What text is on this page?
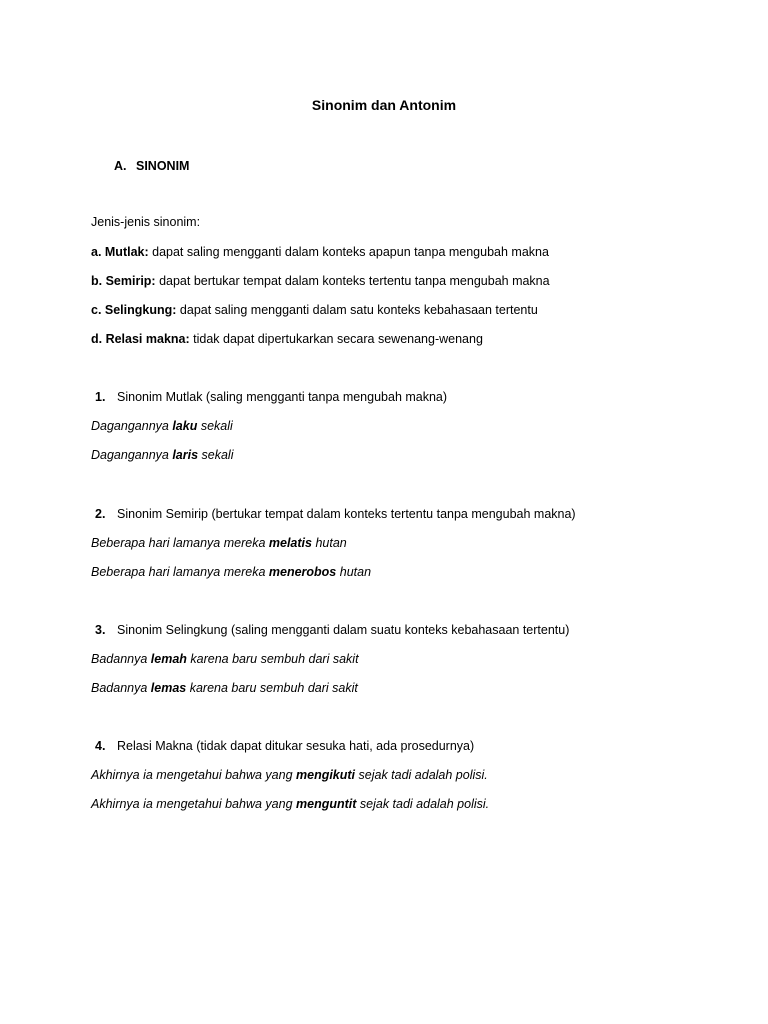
Sinonim dan Antonim
A. SINONIM
Jenis-jenis sinonim:
a. Mutlak: dapat saling mengganti dalam konteks apapun tanpa mengubah makna
b. Semirip: dapat bertukar tempat dalam konteks tertentu tanpa mengubah makna
c. Selingkung: dapat saling mengganti dalam satu konteks kebahasaan tertentu
d. Relasi makna: tidak dapat dipertukarkan secara sewenang-wenang
1. Sinonim Mutlak (saling mengganti tanpa mengubah makna)
Dagangannya laku sekali
Dagangannya laris sekali
2. Sinonim Semirip (bertukar tempat dalam konteks tertentu tanpa mengubah makna)
Beberapa hari lamanya mereka melatis hutan
Beberapa hari lamanya mereka menerobos hutan
3. Sinonim Selingkung (saling mengganti dalam suatu konteks kebahasaan tertentu)
Badannya lemah karena baru sembuh dari sakit
Badannya lemas karena baru sembuh dari sakit
4. Relasi Makna (tidak dapat ditukar sesuka hati, ada prosedurnya)
Akhirnya ia mengetahui bahwa yang mengikuti sejak tadi adalah polisi.
Akhirnya ia mengetahui bahwa yang menguntit sejak tadi adalah polisi.
